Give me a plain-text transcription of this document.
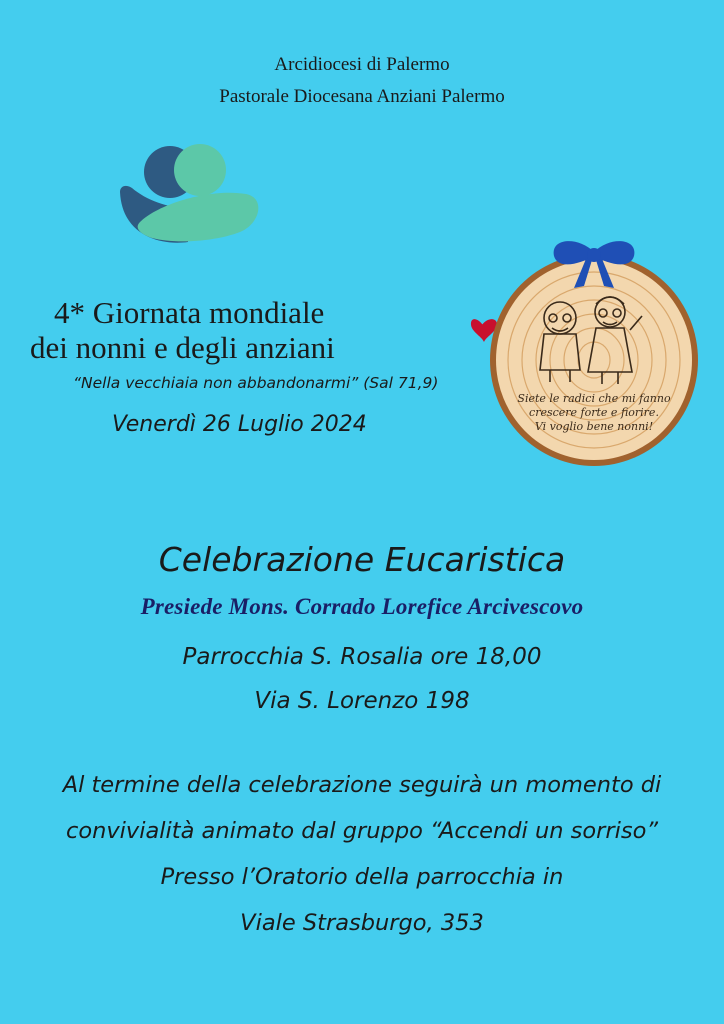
Arcidiocesi di Palermo
Pastorale Diocesana Anziani Palermo
4* Giornata mondiale
dei nonni e degli anziani
“Nella vecchiaia non abbandonarmi” (Sal 71,9)
Venerdì 26 Luglio 2024
Siete le radici che mi fanno
crescere forte e fiorire.
Vi voglio bene nonni!
Celebrazione Eucaristica
Presiede Mons. Corrado Lorefice Arcivescovo
Parrocchia S. Rosalia ore 18,00
Via S. Lorenzo 198
Al termine della celebrazione seguirà un momento di
convivialità animato dal gruppo “Accendi un sorriso”
Presso l’Oratorio della parrocchia in
Viale Strasburgo, 353
